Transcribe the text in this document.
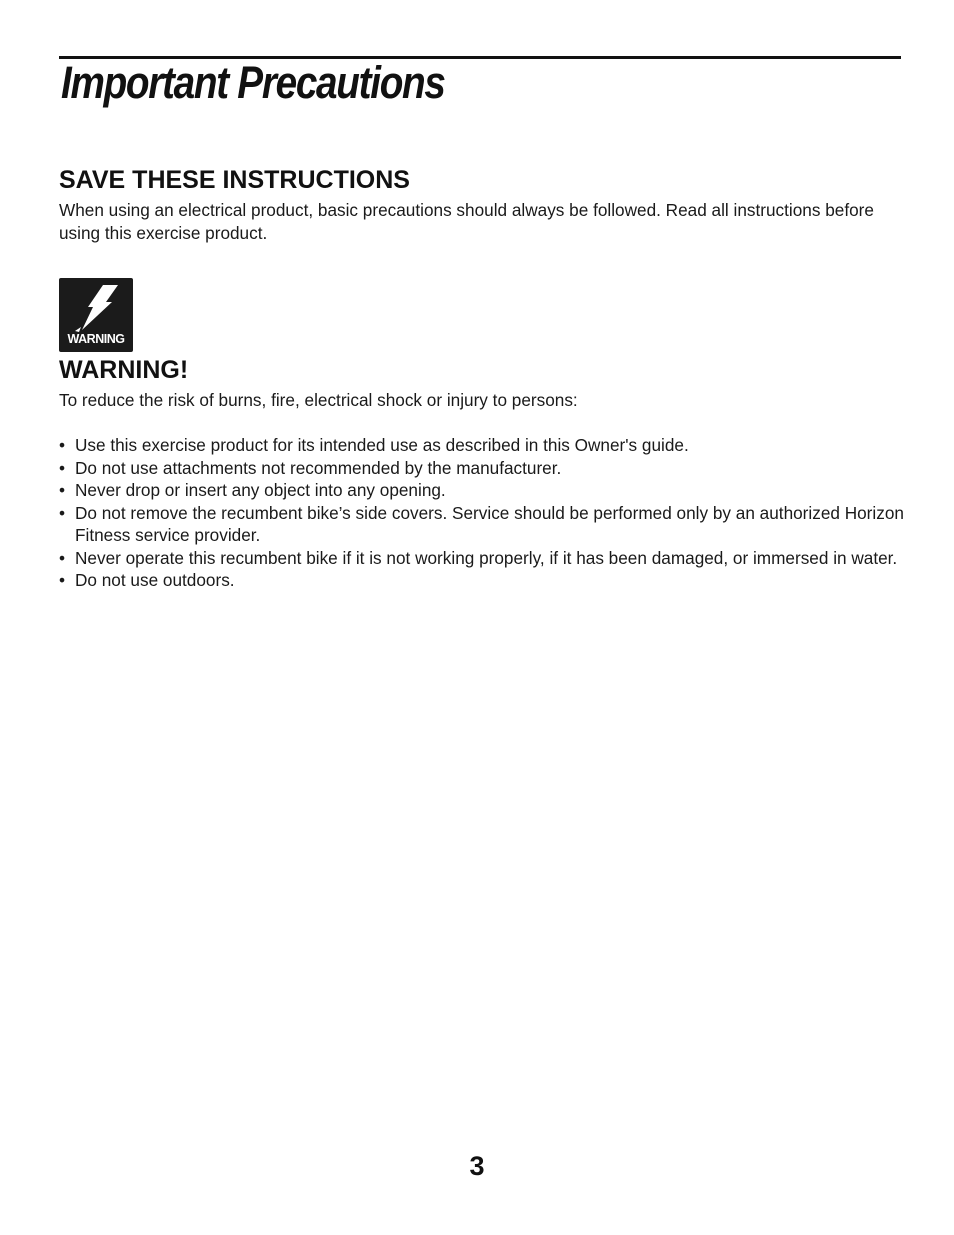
Important Precautions
SAVE THESE INSTRUCTIONS

When using an electrical product, basic precautions should always be followed. Read all instructions before using this exercise product.

WARNING
WARNING!

To reduce the risk of burns, fire, electrical shock or injury to persons:

• Use this exercise product for its intended use as described in this Owner's guide.
• Do not use attachments not recommended by the manufacturer.
• Never drop or insert any object into any opening.
• Do not remove the recumbent bike’s side covers. Service should be performed only by an authorized Horizon Fitness service provider.
• Never operate this recumbent bike if it is not working properly, if it has been damaged, or immersed in water.
• Do not use outdoors.
3
